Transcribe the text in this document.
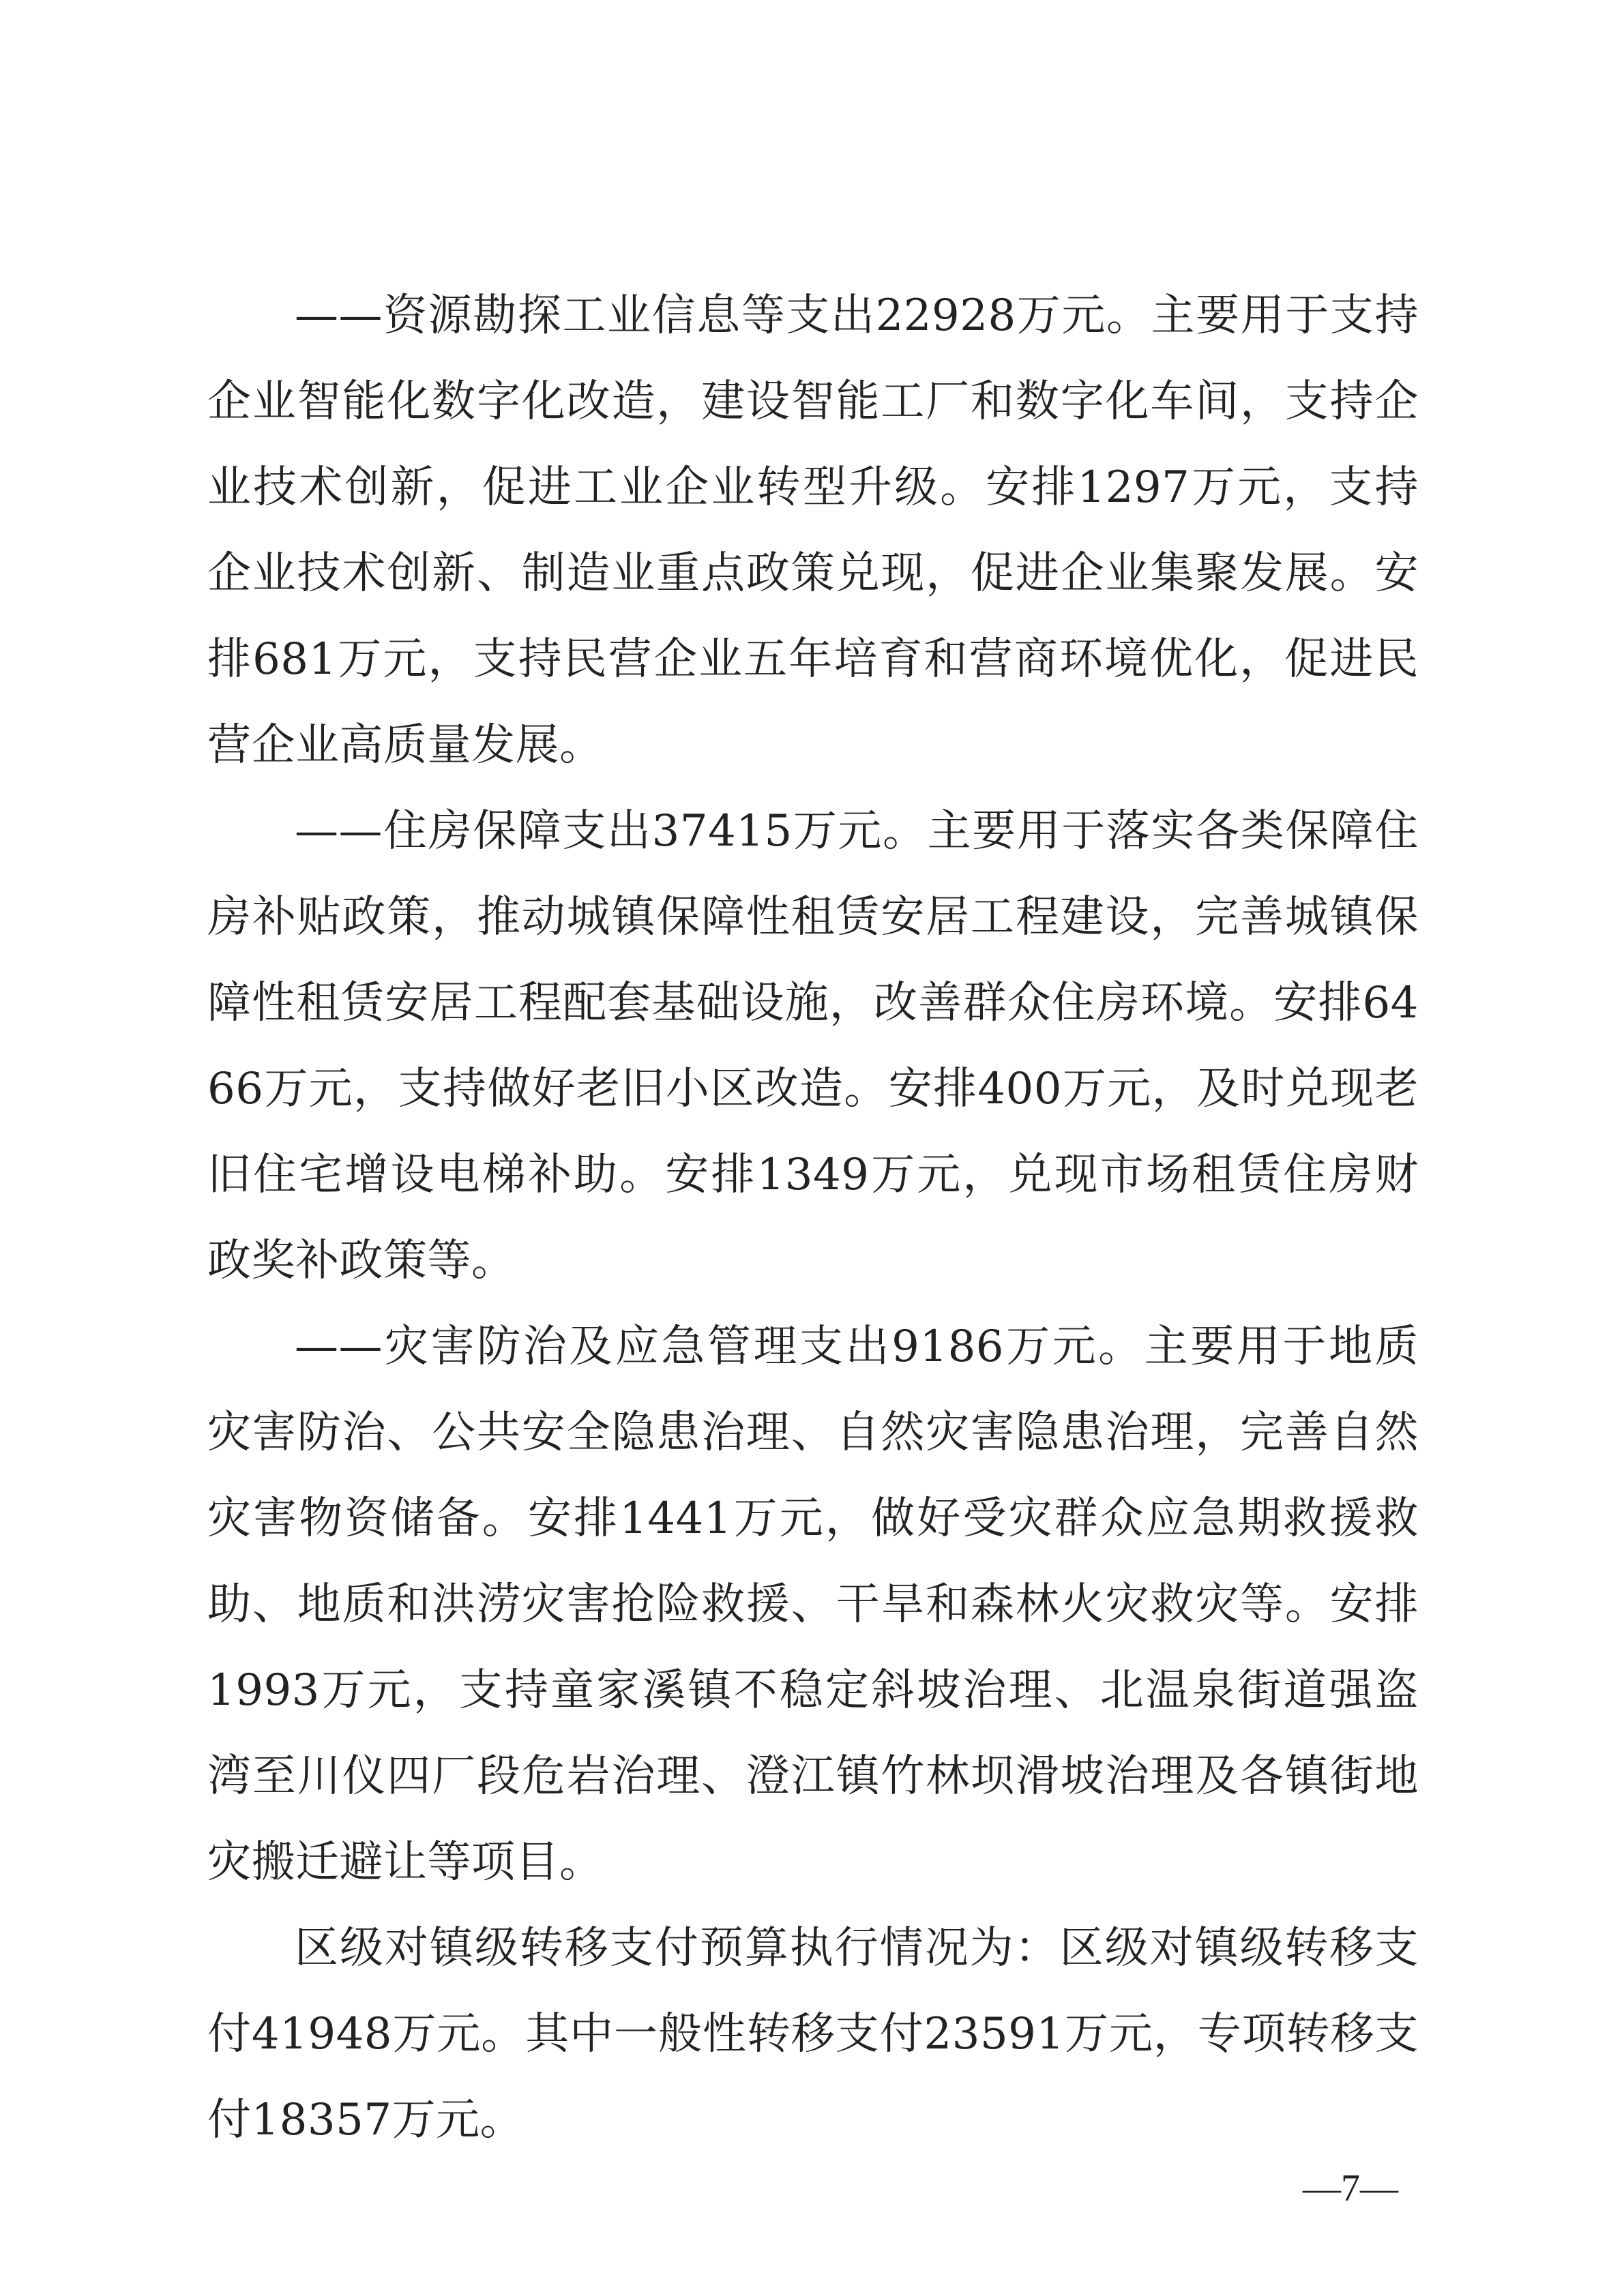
——资源勘探工业信息等支出22928万元。主要用于支持企业智能化数字化改造，建设智能工厂和数字化车间，支持企业技术创新，促进工业企业转型升级。安排1297万元，支持企业技术创新、制造业重点政策兑现，促进企业集聚发展。安排681万元，支持民营企业五年培育和营商环境优化，促进民营企业高质量发展。

——住房保障支出37415万元。主要用于落实各类保障住房补贴政策，推动城镇保障性租赁安居工程建设，完善城镇保障性租赁安居工程配套基础设施，改善群众住房环境。安排6466万元，支持做好老旧小区改造。安排400万元，及时兑现老旧住宅增设电梯补助。安排1349万元，兑现市场租赁住房财政奖补政策等。

——灾害防治及应急管理支出9186万元。主要用于地质灾害防治、公共安全隐患治理、自然灾害隐患治理，完善自然灾害物资储备。安排1441万元，做好受灾群众应急期救援救助、地质和洪涝灾害抢险救援、干旱和森林火灾救灾等。安排1993万元，支持童家溪镇不稳定斜坡治理、北温泉街道强盗湾至川仪四厂段危岩治理、澄江镇竹林坝滑坡治理及各镇街地灾搬迁避让等项目。

区级对镇级转移支付预算执行情况为：区级对镇级转移支付41948万元。其中一般性转移支付23591万元，专项转移支付18357万元。

—7—
